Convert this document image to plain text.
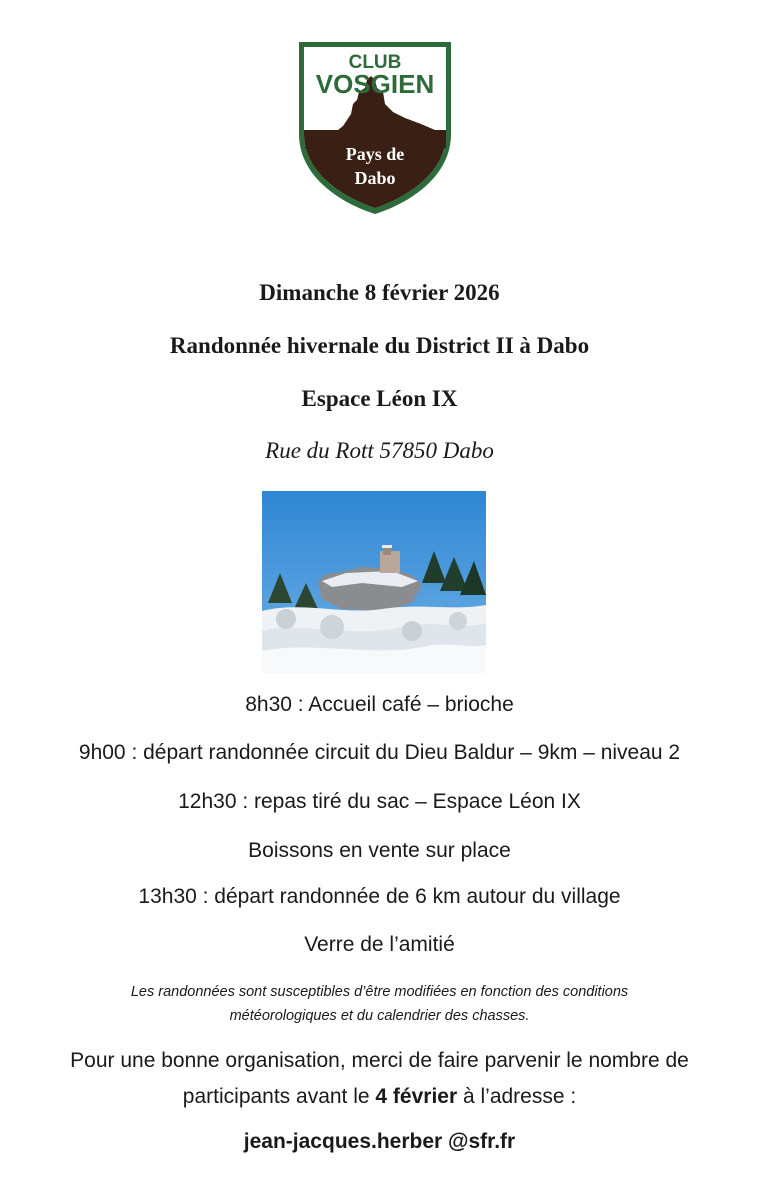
CLUB
VOSGIEN
Pays de
Dabo
Dimanche 8 février 2026
Randonnée hivernale du District II à Dabo
Espace Léon IX
Rue du Rott 57850 Dabo
8h30 : Accueil café – brioche
9h00 : départ randonnée circuit du Dieu Baldur – 9km – niveau 2
12h30 : repas tiré du sac – Espace Léon IX
Boissons en vente sur place
13h30 : départ randonnée de 6 km autour du village
Verre de l’amitié
Les randonnées sont susceptibles d’être modifiées en fonction des conditions
météorologiques et du calendrier des chasses.
Pour une bonne organisation, merci de faire parvenir le nombre de
participants avant le 4 février à l’adresse :
jean-jacques.herber @sfr.fr
